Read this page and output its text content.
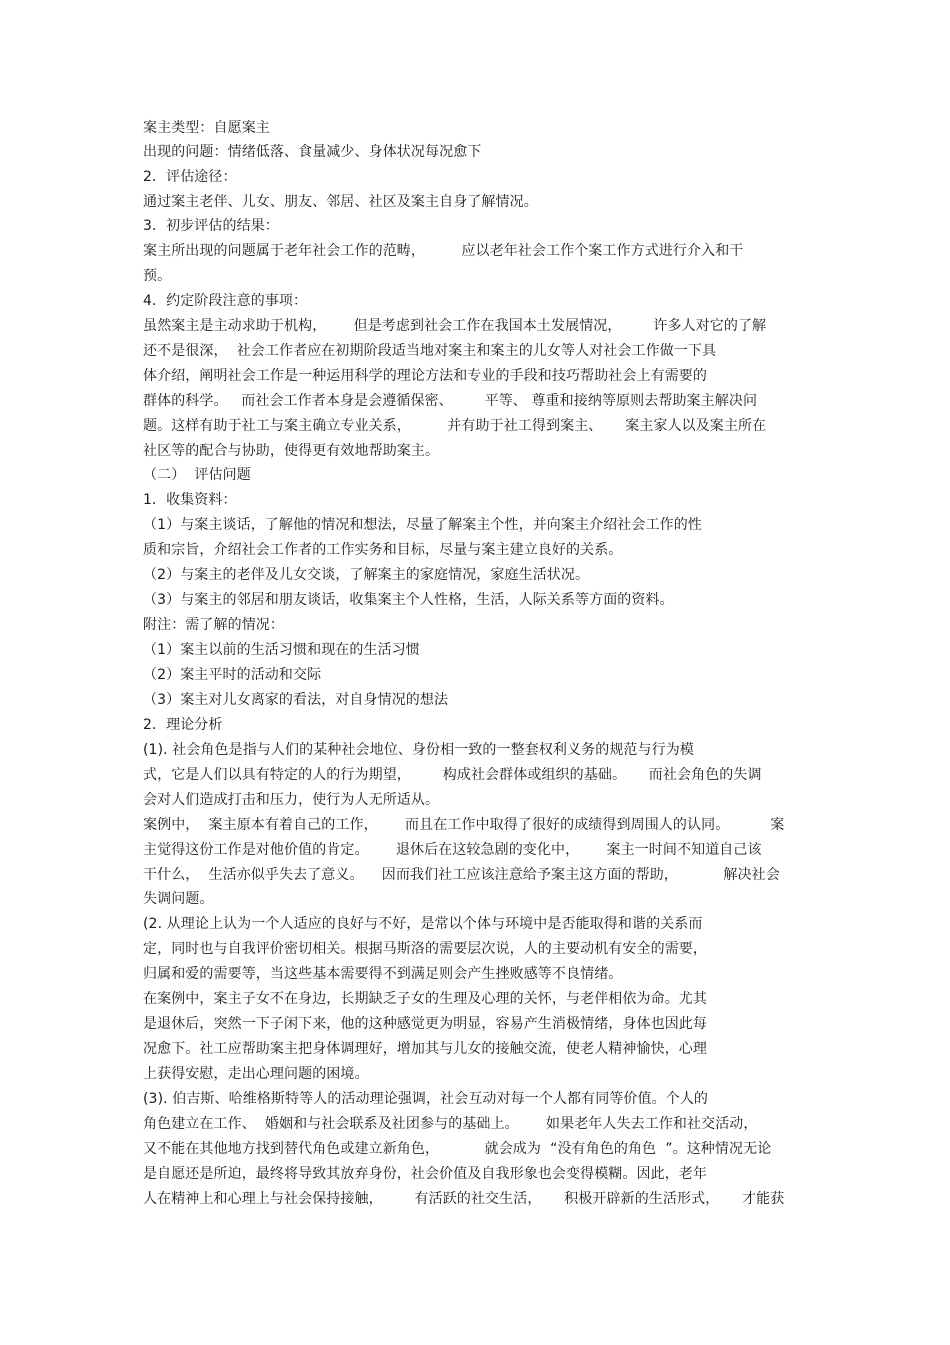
案主类型：自愿案主
出现的问题：情绪低落、食量减少、身体状况每况愈下
2．评估途径：
通过案主老伴、儿女、朋友、邻居、社区及案主自身了解情况。
3．初步评估的结果：
案主所出现的问题属于老年社会工作的范畴，        应以老年社会工作个案工作方式进行介入和干
预。
4．约定阶段注意的事项：
虽然案主是主动求助于机构，      但是考虑到社会工作在我国本土发展情况，       许多人对它的了解
还不是很深，  社会工作者应在初期阶段适当地对案主和案主的儿女等人对社会工作做一下具
体介绍，阐明社会工作是一种运用科学的理论方法和专业的手段和技巧帮助社会上有需要的
群体的科学。   而社会工作者本身是会遵循保密、       平等、 尊重和接纳等原则去帮助案主解决问
题。这样有助于社工与案主确立专业关系，        并有助于社工得到案主、     案主家人以及案主所在
社区等的配合与协助，使得更有效地帮助案主。
（二）  评估问题
1．收集资料：
（1）与案主谈话，了解他的情况和想法，尽量了解案主个性，并向案主介绍社会工作的性
质和宗旨，介绍社会工作者的工作实务和目标，尽量与案主建立良好的关系。
（2）与案主的老伴及儿女交谈，了解案主的家庭情况，家庭生活状况。
（3）与案主的邻居和朋友谈话，收集案主个人性格，生活，人际关系等方面的资料。
附注：需了解的情况：
（1）案主以前的生活习惯和现在的生活习惯
（2）案主平时的活动和交际
（3）案主对儿女离家的看法，对自身情况的想法
2．理论分析
(1). 社会角色是指与人们的某种社会地位、身份相一致的一整套权利义务的规范与行为模
式，它是人们以具有特定的人的行为期望，       构成社会群体或组织的基础。     而社会角色的失调
会对人们造成打击和压力，使行为人无所适从。
案例中，  案主原本有着自己的工作，      而且在工作中取得了很好的成绩得到周围人的认同。         案
主觉得这份工作是对他价值的肯定。      退休后在这较急剧的变化中，      案主一时间不知道自己该
干什么，  生活亦似乎失去了意义。    因而我们社工应该注意给予案主这方面的帮助，          解决社会
失调问题。
(2. 从理论上认为一个人适应的良好与不好，是常以个体与环境中是否能取得和谐的关系而
定，同时也与自我评价密切相关。根据马斯洛的需要层次说，人的主要动机有安全的需要，
归属和爱的需要等，当这些基本需要得不到满足则会产生挫败感等不良情绪。
在案例中，案主子女不在身边，长期缺乏子女的生理及心理的关怀，与老伴相依为命。尤其
是退休后，突然一下子闲下来，他的这种感觉更为明显，容易产生消极情绪，身体也因此每
况愈下。社工应帮助案主把身体调理好，增加其与儿女的接触交流，使老人精神愉快，心理
上获得安慰，走出心理问题的困境。
(3). 伯吉斯、哈维格斯特等人的活动理论强调，社会互动对每一个人都有同等价值。个人的
角色建立在工作、  婚姻和与社会联系及社团参与的基础上。      如果老年人失去工作和社交活动，
又不能在其他地方找到替代角色或建立新角色，          就会成为  “没有角色的角色  ”。这种情况无论
是自愿还是所迫，最终将导致其放弃身份，社会价值及自我形象也会变得模糊。因此，老年
人在精神上和心理上与社会保持接触，       有活跃的社交生活，     积极开辟新的生活形式，     才能获
